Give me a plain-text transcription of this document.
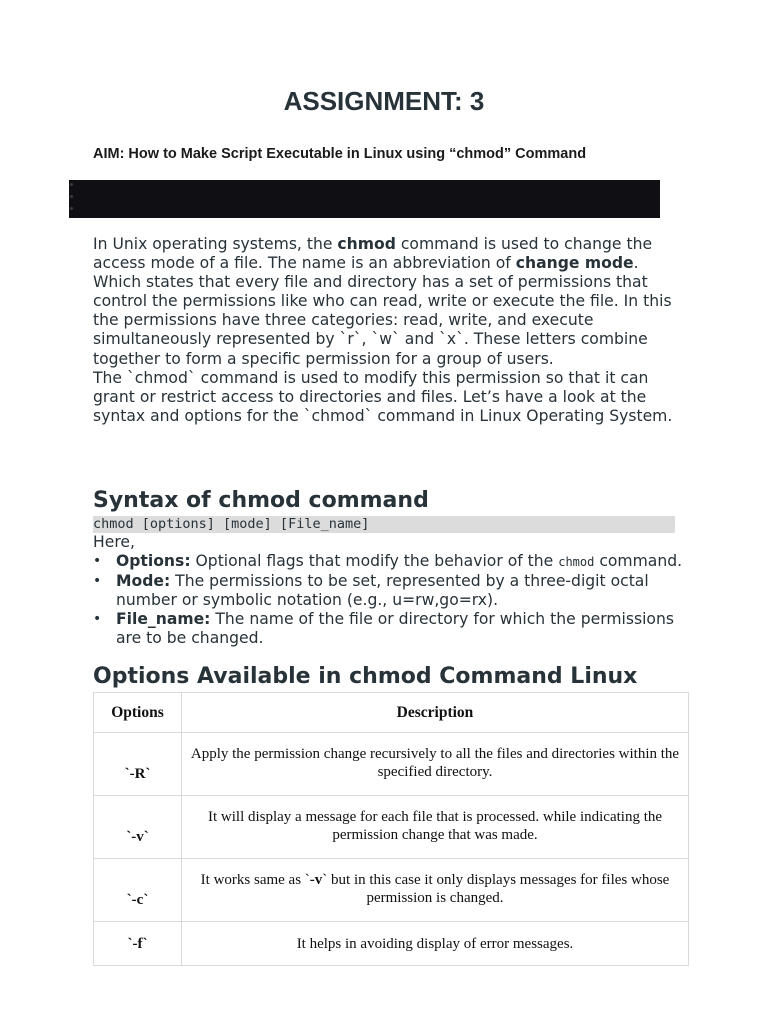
ASSIGNMENT: 3
AIM: How to Make Script Executable in Linux using “chmod” Command

In Unix operating systems, the chmod command is used to change the access mode of a file. The name is an abbreviation of change mode. Which states that every file and directory has a set of permissions that control the permissions like who can read, write or execute the file. In this the permissions have three categories: read, write, and execute simultaneously represented by `r`, `w` and `x`. These letters combine together to form a specific permission for a group of users.

The `chmod` command is used to modify this permission so that it can grant or restrict access to directories and files. Let’s have a look at the syntax and options for the `chmod` command in Linux Operating System.

Syntax of chmod command
chmod [options] [mode] [File_name]
Here,
• Options: Optional flags that modify the behavior of the chmod command.
• Mode: The permissions to be set, represented by a three-digit octal number or symbolic notation (e.g., u=rw,go=rx).
• File_name: The name of the file or directory for which the permissions are to be changed.
Options Available in chmod Command Linux
Options	Description
`-R`	Apply the permission change recursively to all the files and directories within the specified directory.
`-v`	It will display a message for each file that is processed. while indicating the permission change that was made.
`-c`	It works same as `-v` but in this case it only displays messages for files whose permission is changed.
`-f`	It helps in avoiding display of error messages.
